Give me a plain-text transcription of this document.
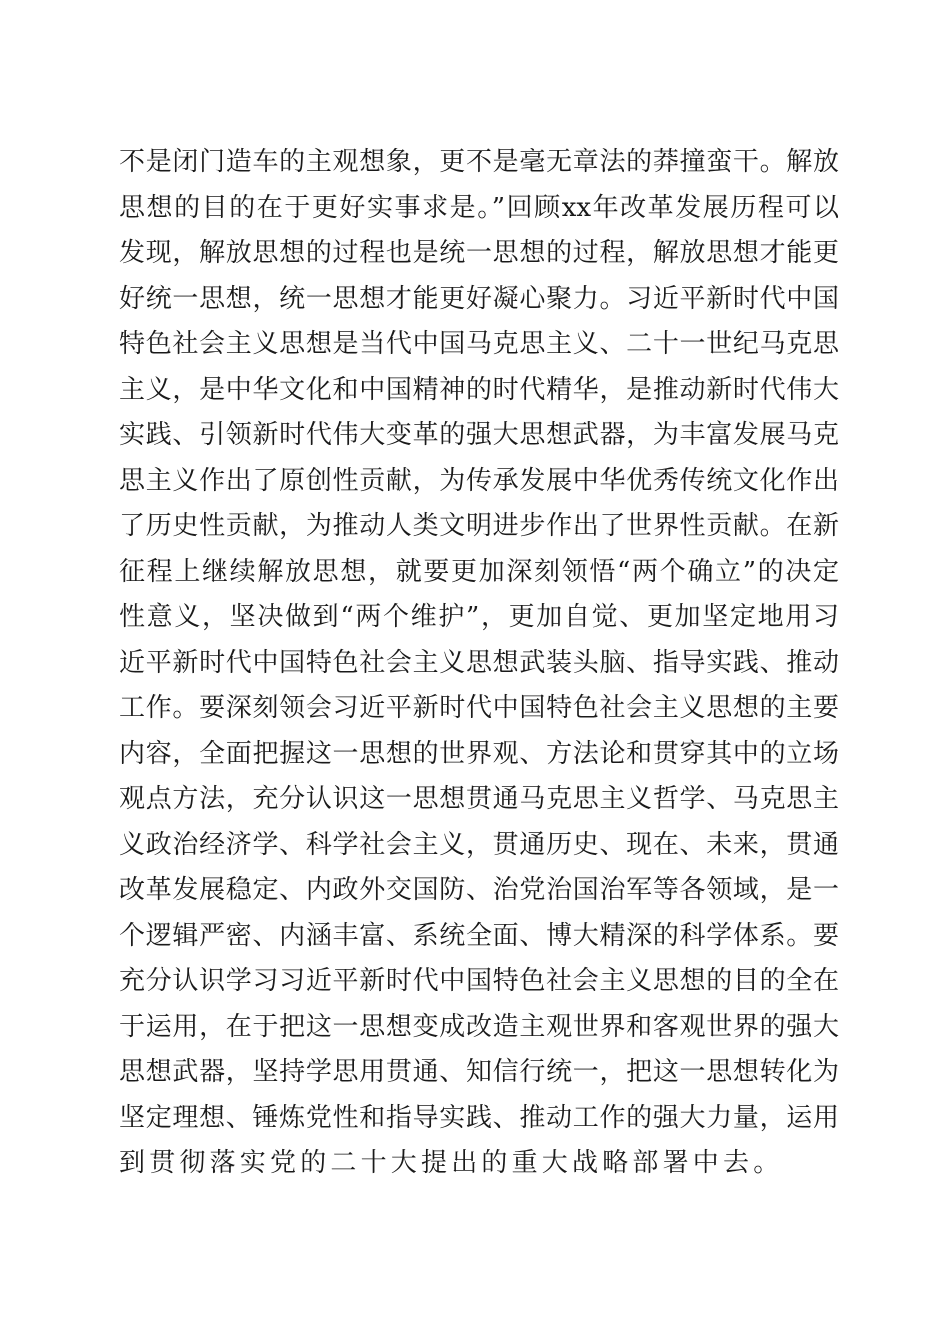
不是闭门造车的主观想象，更不是毫无章法的莽撞蛮干。解放
思想的目的在于更好实事求是。”回顾xx年改革发展历程可以
发现，解放思想的过程也是统一思想的过程，解放思想才能更
好统一思想，统一思想才能更好凝心聚力。习近平新时代中国
特色社会主义思想是当代中国马克思主义、二十一世纪马克思
主义，是中华文化和中国精神的时代精华，是推动新时代伟大
实践、引领新时代伟大变革的强大思想武器，为丰富发展马克
思主义作出了原创性贡献，为传承发展中华优秀传统文化作出
了历史性贡献，为推动人类文明进步作出了世界性贡献。在新
征程上继续解放思想，就要更加深刻领悟“两个确立”的决定
性意义，坚决做到“两个维护”，更加自觉、更加坚定地用习
近平新时代中国特色社会主义思想武装头脑、指导实践、推动
工作。要深刻领会习近平新时代中国特色社会主义思想的主要
内容，全面把握这一思想的世界观、方法论和贯穿其中的立场
观点方法，充分认识这一思想贯通马克思主义哲学、马克思主
义政治经济学、科学社会主义，贯通历史、现在、未来，贯通
改革发展稳定、内政外交国防、治党治国治军等各领域，是一
个逻辑严密、内涵丰富、系统全面、博大精深的科学体系。要
充分认识学习习近平新时代中国特色社会主义思想的目的全在
于运用，在于把这一思想变成改造主观世界和客观世界的强大
思想武器，坚持学思用贯通、知信行统一，把这一思想转化为
坚定理想、锤炼党性和指导实践、推动工作的强大力量，运用
到贯彻落实党的二十大提出的重大战略部署中去。
